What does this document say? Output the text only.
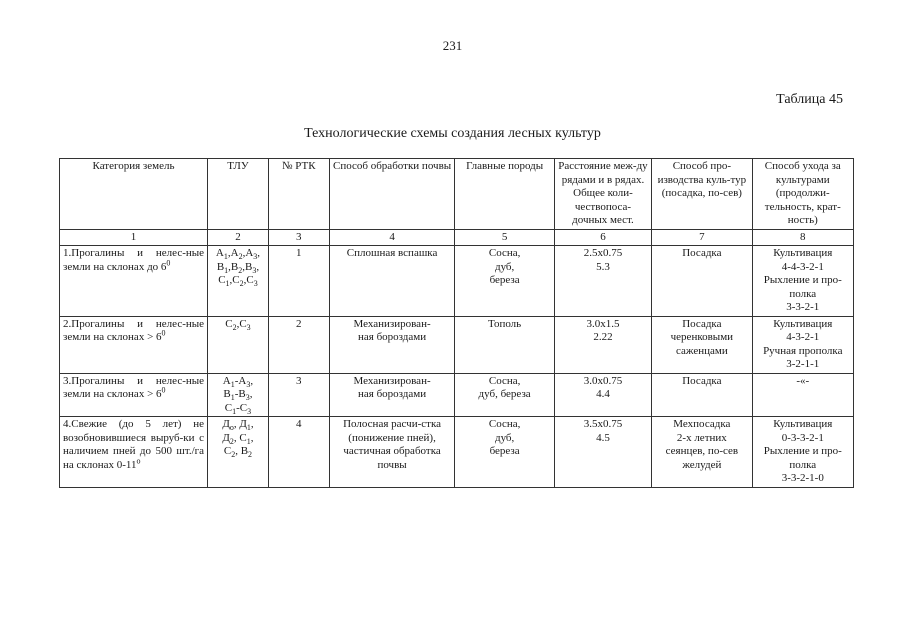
231
Таблица 45
Технологические схемы создания лесных культур
Категория земель	ТЛУ	№ РТК	Способ обработки почвы	Главные породы	Расстояние меж-ду рядами и в рядах. Общее коли-чествопоса-дочных мест.	Способ про-изводства куль-тур (посадка, по-сев)	Способ ухода за культурами (продолжи-тельность, крат-ность)
1	2	3	4	5	6	7	8
1.Прогалины и нелес-ные земли на склонах до $6^0$	$А_1,А_2,А_3$,
$В_1,В_2,В_3$,
$С_1,С_2,С_3$	1	Сплошная вспашка	Сосна,
дуб,
береза	2.5х0.75
5.3	Посадка	Культивация
4-4-3-2-1
Рыхление и про-
полка
3-3-2-1

2.Прогалины и нелес-ные земли на склонах > $6^0$	$С_2,С_3$	2	Механизирован-
ная бороздами	Тополь	3.0х1.5
2.22	Посадка
черенковыми
саженцами	Культивация
4-3-2-1
Ручная прополка
3-2-1-1

3.Прогалины и нелес-ные земли на склонах > $6^0$	$А_1-А_3$,
$В_1-В_3$,
$С_1-С_3$	3	Механизирован-
ная бороздами	Сосна,
дуб, береза	3.0х0.75
4.4	Посадка	-«-

4.Свежие (до 5 лет) не возобновившиеся выруб-ки с наличием пней до 500 шт./га на склонах $0-11^о$	$Д_о$, $Д_1$,
$Д_2$, $С_1$,
$С_2$, $В_2$	4	Полосная расчи-стка
(понижение пней),
частичная обработка
почвы	Сосна,
дуб,
береза	3.5х0.75
4.5	Мехпосадка
2-х летних
сеянцев, по-сев
желудей	Культивация
0-3-3-2-1
Рыхление и про-
полка
3-3-2-1-0
